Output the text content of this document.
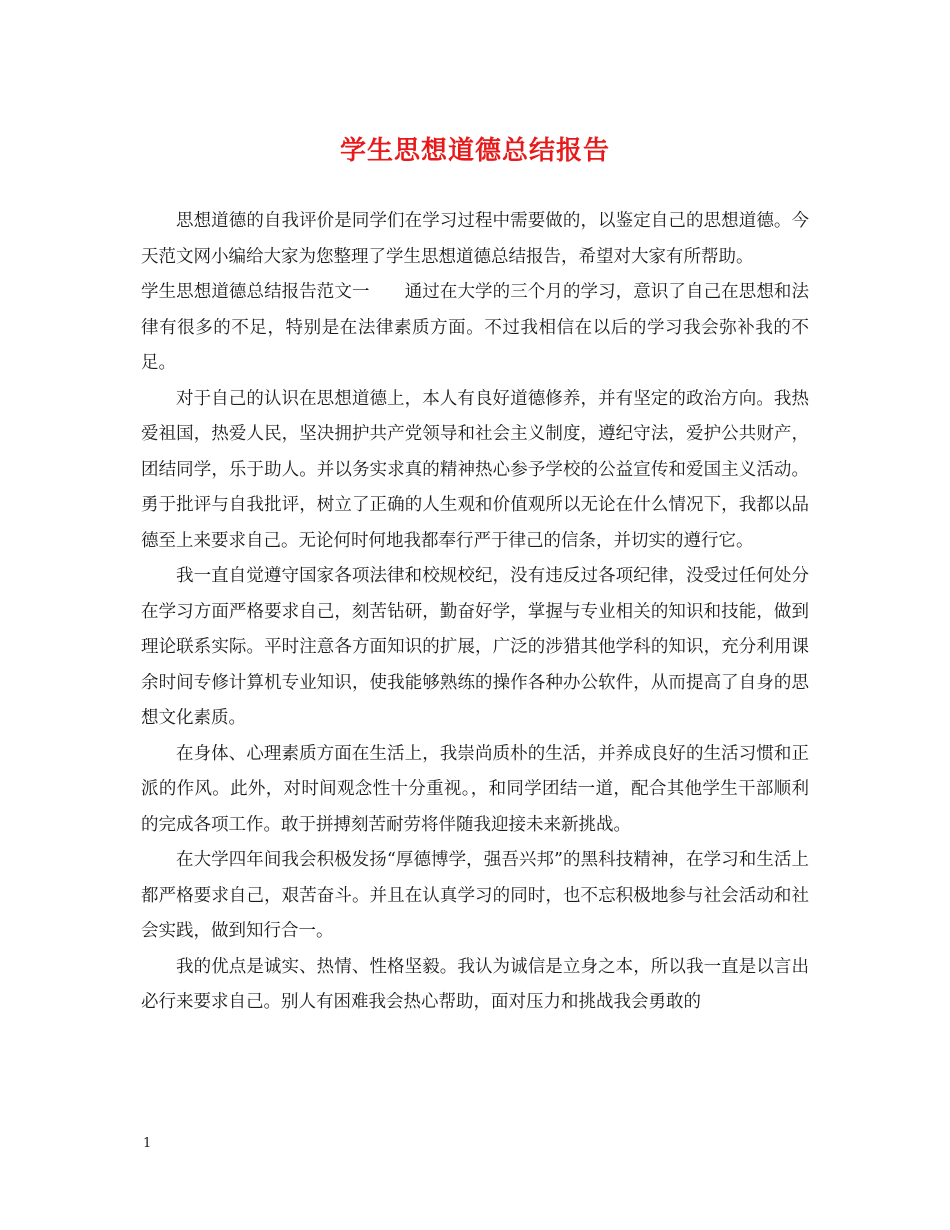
学生思想道德总结报告

思想道德的自我评价是同学们在学习过程中需要做的，以鉴定自己的思想道德。今天范文网小编给大家为您整理了学生思想道德总结报告，希望对大家有所帮助。

学生思想道德总结报告范文一　　通过在大学的三个月的学习，意识了自己在思想和法律有很多的不足，特别是在法律素质方面。不过我相信在以后的学习我会弥补我的不足。

对于自己的认识在思想道德上，本人有良好道德修养，并有坚定的政治方向。我热爱祖国，热爱人民，坚决拥护共产党领导和社会主义制度，遵纪守法，爱护公共财产，团结同学，乐于助人。并以务实求真的精神热心参予学校的公益宣传和爱国主义活动。 勇于批评与自我批评，树立了正确的人生观和价值观所以无论在什么情况下，我都以品德至上来要求自己。无论何时何地我都奉行严于律己的信条，并切实的遵行它。

我一直自觉遵守国家各项法律和校规校纪，没有违反过各项纪律，没受过任何处分 在学习方面严格要求自己，刻苦钻研，勤奋好学，掌握与专业相关的知识和技能，做到理论联系实际。平时注意各方面知识的扩展，广泛的涉猎其他学科的知识，充分利用课余时间专修计算机专业知识，使我能够熟练的操作各种办公软件，从而提高了自身的思想文化素质。

在身体、心理素质方面在生活上，我崇尚质朴的生活，并养成良好的生活习惯和正派的作风。此外，对时间观念性十分重视。，和同学团结一道，配合其他学生干部顺利的完成各项工作。敢于拼搏刻苦耐劳将伴随我迎接未来新挑战。

在大学四年间我会积极发扬“厚德博学，强吾兴邦”的黑科技精神，在学习和生活上都严格要求自己，艰苦奋斗。并且在认真学习的同时，也不忘积极地参与社会活动和社会实践，做到知行合一。

我的优点是诚实、热情、性格坚毅。我认为诚信是立身之本，所以我一直是以言出必行来要求自己。别人有困难我会热心帮助，面对压力和挑战我会勇敢的

1
